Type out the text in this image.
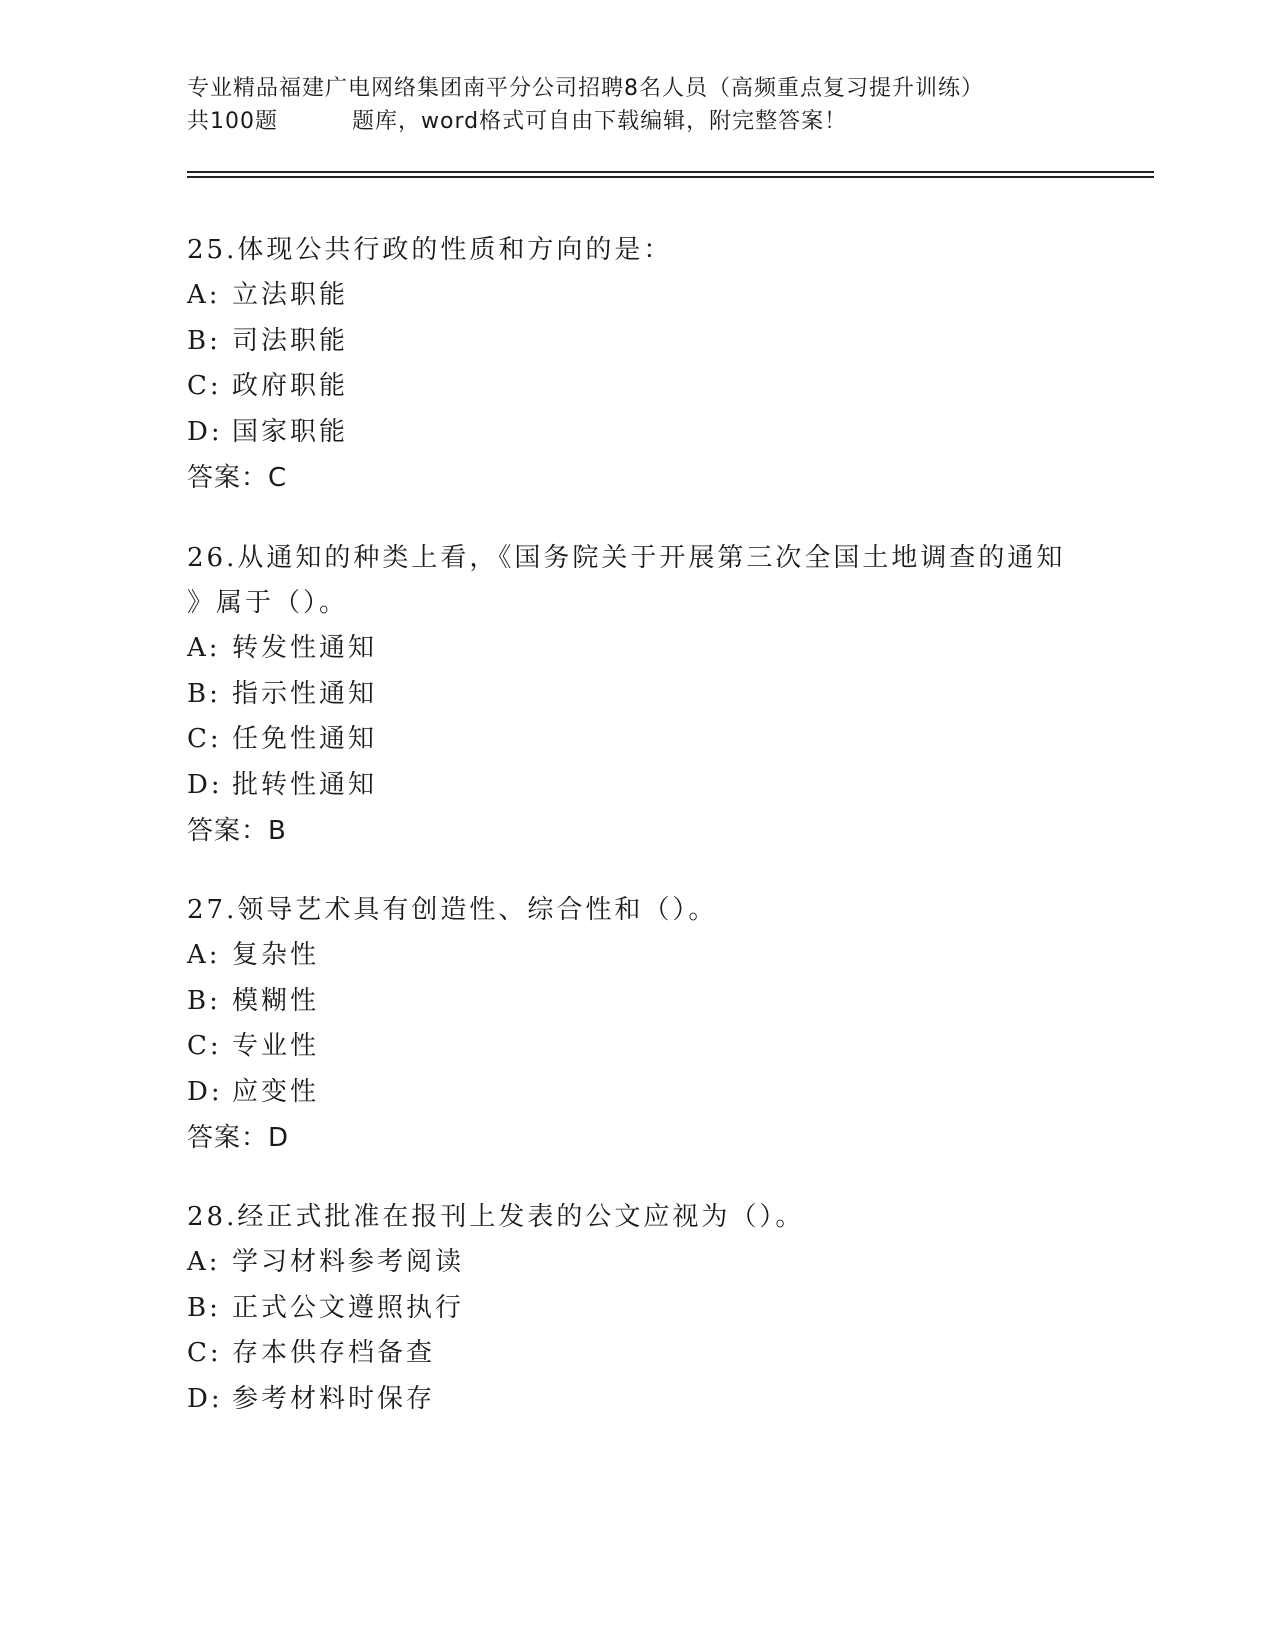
专业精品福建广电网络集团南平分公司招聘8名人员（高频重点复习提升训练）
共100题	题库，word格式可自由下载编辑，附完整答案！

25.体现公共行政的性质和方向的是：

A: 立法职能

B: 司法职能

C: 政府职能

D: 国家职能

答案：C

26.从通知的种类上看，《国务院关于开展第三次全国土地调查的通知

》属于（）。

A: 转发性通知

B: 指示性通知

C: 任免性通知

D: 批转性通知

答案：B

27.领导艺术具有创造性、综合性和（）。

A: 复杂性

B: 模糊性

C: 专业性

D: 应变性

答案：D

28.经正式批准在报刊上发表的公文应视为（）。

A: 学习材料参考阅读

B: 正式公文遵照执行

C: 存本供存档备查

D: 参考材料时保存
